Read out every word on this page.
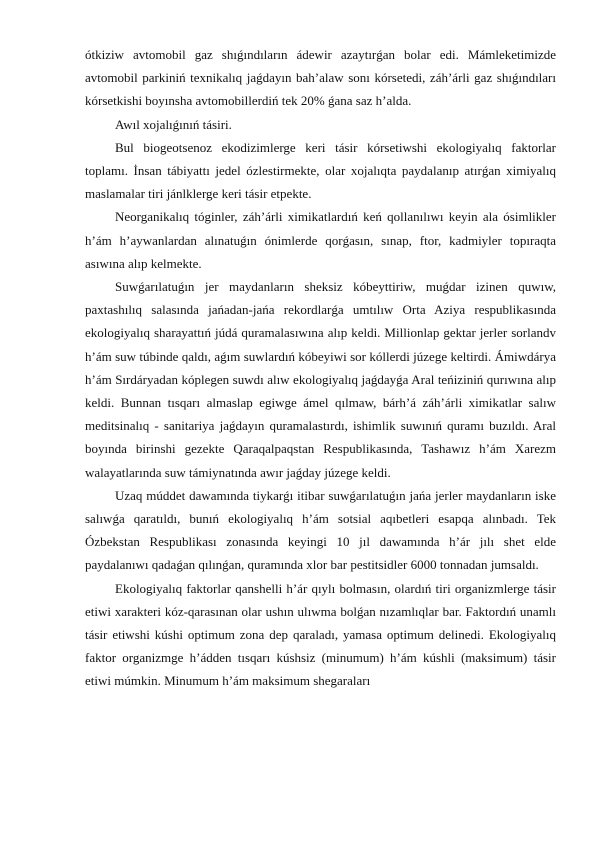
ótkiziw avtomobil gaz shıǵındıların ádewir azaytırǵan bolar edi. Mámleketimizde avtomobil parkiniń texnikalıq jaǵdayın bah’alaw sonı kórsetedi, záh’árli gaz shıǵındıları kórsetkishi boyınsha avtomobillerdiń tek 20% ǵana saz h’alda.

Awıl xojalıǵınıń tásiri.

Bul biogeotsenoz ekodizimlerge keri tásir kórsetiwshi ekologiyalıq faktorlar toplamı. İnsan tábiyattı jedel ózlestirmekte, olar xojalıqta paydalanıp atırǵan ximiyalıq maslamalar tiri jánlklerge keri tásir etpekte.

Neorganikalıq tóginler, záh’árli ximikatlardıń keń qollanılıwı keyin ala ósimlikler h’ám h’aywanlardan alınatuǵın ónimlerde qorǵasın, sınap, ftor, kadmiyler topıraqta asıwına alıp kelmekte.

Suwǵarılatuǵın jer maydanların sheksiz kóbeyttiriw, muǵdar izinen quwıw, paxtashılıq salasında jańadan-jańa rekordlarǵa umtılıw Orta Aziya respublikasında ekologiyalıq sharayattıń júdá quramalasıwına alıp keldi. Millionlap gektar jerler sorlandv h’ám suw túbinde qaldı, aǵım suwlardıń kóbeyiwi sor kóllerdi júzege keltirdi. Ámiwdárya h’ám Sırdáryadan kóplegen suwdı alıw ekologiyalıq jaǵdayǵa Aral teńiziniń qurıwına alıp keldi. Bunnan tısqarı almaslap egiwge ámel qılmaw, bárh’á záh’árli ximikatlar salıw meditsinalıq - sanitariya jaǵdayın quramalastırdı, ishimlik suwınıń quramı buzıldı. Aral boyında birinshi gezekte Qaraqalpaqstan Respublikasında, Tashawız h’ám Xarezm walayatlarında suw támiynatında awır jaǵday júzege keldi.

Uzaq múddet dawamında tiykarǵı itibar suwǵarılatuǵın jańa jerler maydanların iske salıwǵa qaratıldı, bunıń ekologiyalıq h’ám sotsial aqıbetleri esapqa alınbadı. Tek Ózbekstan Respublikası zonasında keyingi 10 jıl dawamında h’ár jılı shet elde paydalanıwı qadaǵan qılınǵan, quramında xlor bar pestitsidler 6000 tonnadan jumsaldı.

Ekologiyalıq faktorlar qanshelli h’ár qıylı bolmasın, olardıń tiri organizmlerge tásir etiwi xarakteri kóz-qarasınan olar ushın ulıwma bolǵan nızamlıqlar bar. Faktordıń unamlı tásir etiwshi kúshi optimum zona dep qaraladı, yamasa optimum delinedi. Ekologiyalıq faktor organizmge h’ádden tısqarı kúshsiz (minumum) h’ám kúshli (maksimum) tásir etiwi múmkin. Minumum h’ám maksimum shegaraları
